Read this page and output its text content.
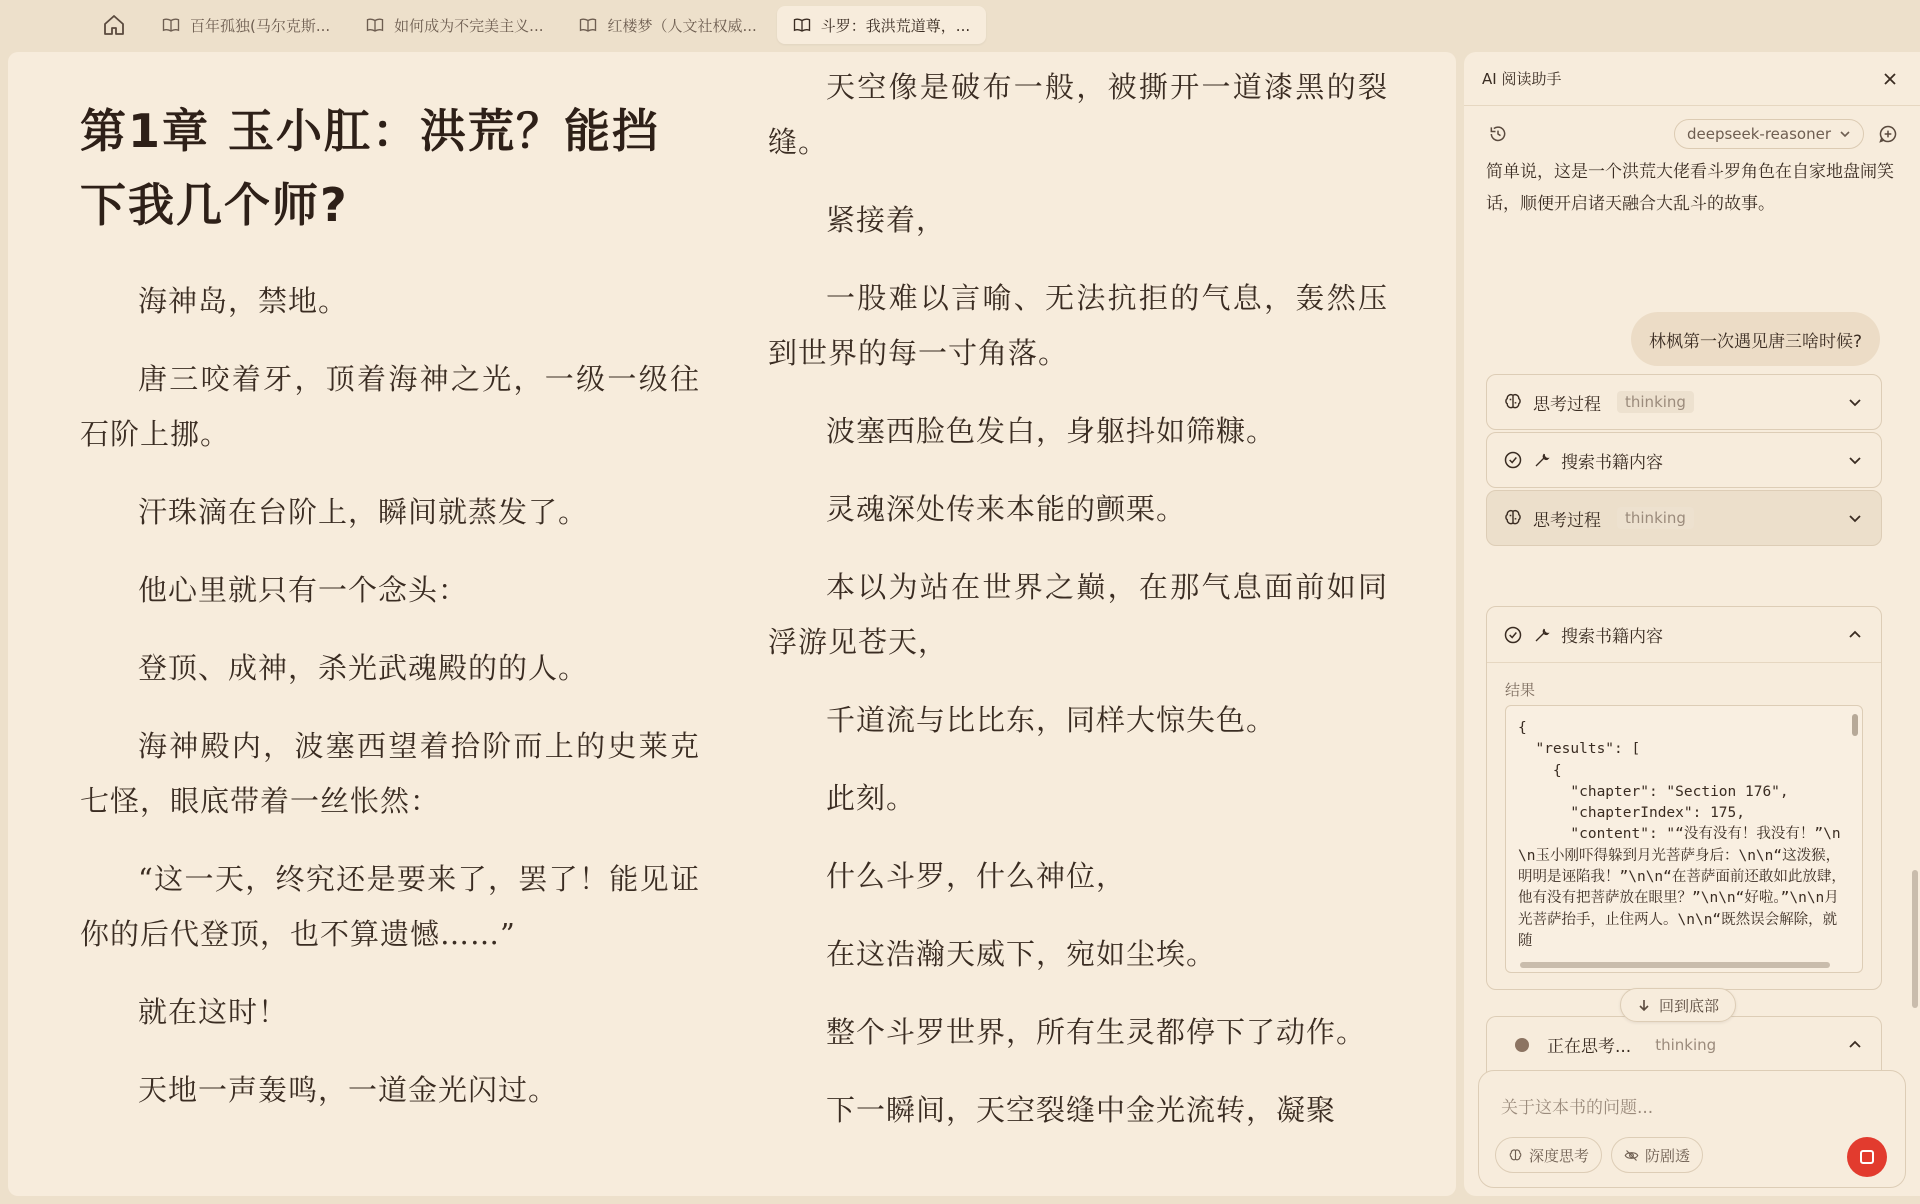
百年孤独(马尔克斯...	如何成为不完美主义...	红楼梦（人文社权威...	斗罗：我洪荒道尊，...
第1章 玉小肛：洪荒？能挡下我几个师?

海神岛，禁地。

唐三咬着牙，顶着海神之光，一级一级往石阶上挪。

汗珠滴在台阶上，瞬间就蒸发了。

他心里就只有一个念头：

登顶、成神，杀光武魂殿的的人。

海神殿内，波塞西望着拾阶而上的史莱克七怪，眼底带着一丝怅然：

“这一天，终究还是要来了，罢了！能见证你的后代登顶，也不算遗憾……”

就在这时！

天地一声轰鸣，一道金光闪过。

天空像是破布一般，被撕开一道漆黑的裂缝。

紧接着，

一股难以言喻、无法抗拒的气息，轰然压到世界的每一寸角落。

波塞西脸色发白，身躯抖如筛糠。

灵魂深处传来本能的颤栗。

本以为站在世界之巅，在那气息面前如同浮游见苍天，

千道流与比比东，同样大惊失色。

此刻。

什么斗罗，什么神位，

在这浩瀚天威下，宛如尘埃。

整个斗罗世界，所有生灵都停下了动作。

下一瞬间，天空裂缝中金光流转，凝聚

AI 阅读助手
deepseek-reasoner
简单说，这是一个洪荒大佬看斗罗角色在自家地盘闹笑话，顺便开启诸天融合大乱斗的故事。
林枫第一次遇见唐三啥时候?
思考过程	thinking
搜索书籍内容
思考过程	thinking
搜索书籍内容
结果
{
"results": [
{
"chapter": "Section 176",
"chapterIndex": 175,
"content": "“没有没有！我没有！”\n\n玉小刚吓得躲到月光菩萨身后：\n\n“这泼猴，明明是诬陷我！”\n\n“在菩萨面前还敢如此放肆，他有没有把菩萨放在眼里？”\n\n“好啦。”\n\n月光菩萨抬手，止住两人。\n\n“既然误会解除，就随
正在思考... thinking
回到底部
关于这本书的问题...
深度思考	防剧透
